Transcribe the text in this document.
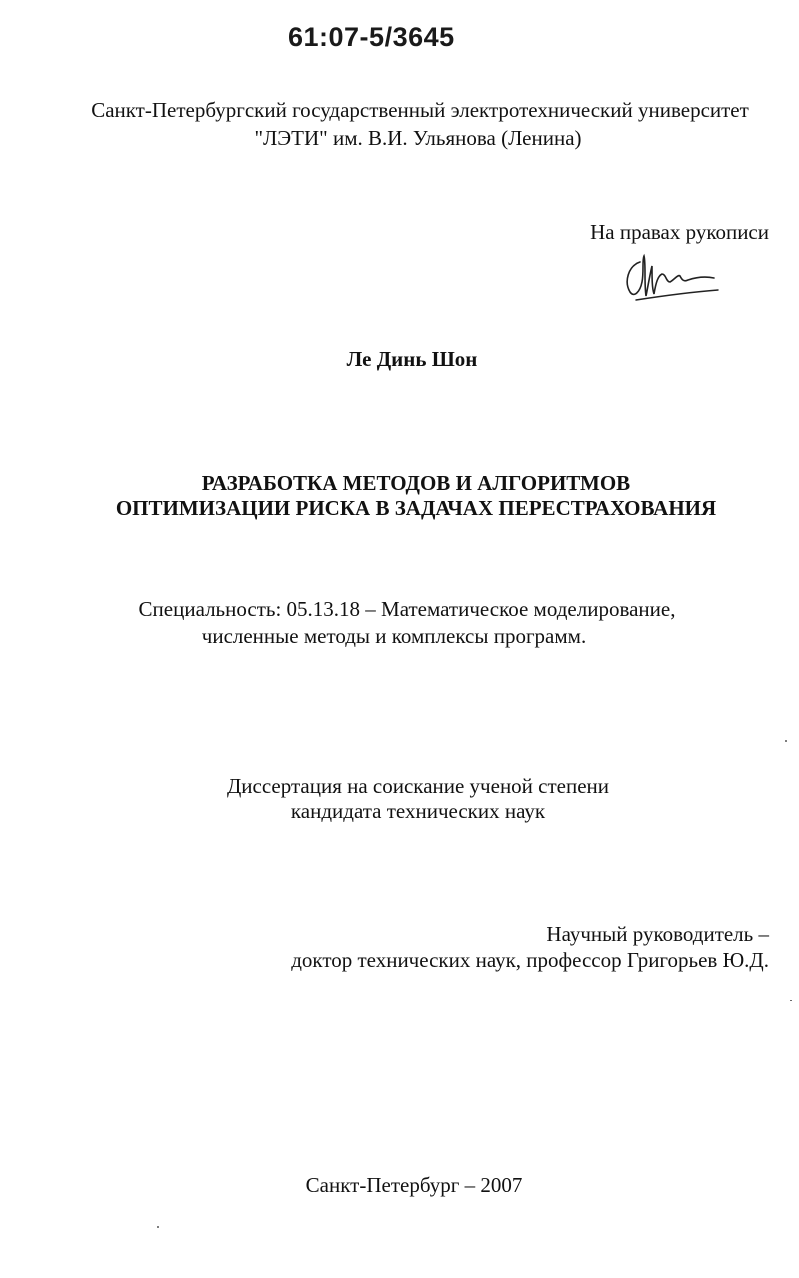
61:07-5/3645
Санкт-Петербургский государственный электротехнический университет
"ЛЭТИ" им. В.И. Ульянова (Ленина)
На правах рукописи
Ле Динь Шон
РАЗРАБОТКА МЕТОДОВ И АЛГОРИТМОВ
ОПТИМИЗАЦИИ РИСКА В ЗАДАЧАХ ПЕРЕСТРАХОВАНИЯ
Специальность: 05.13.18 – Математическое моделирование,
численные методы и комплексы программ.
Диссертация на соискание ученой степени
кандидата технических наук
Научный руководитель –
доктор технических наук, профессор Григорьев Ю.Д.
Санкт-Петербург – 2007
